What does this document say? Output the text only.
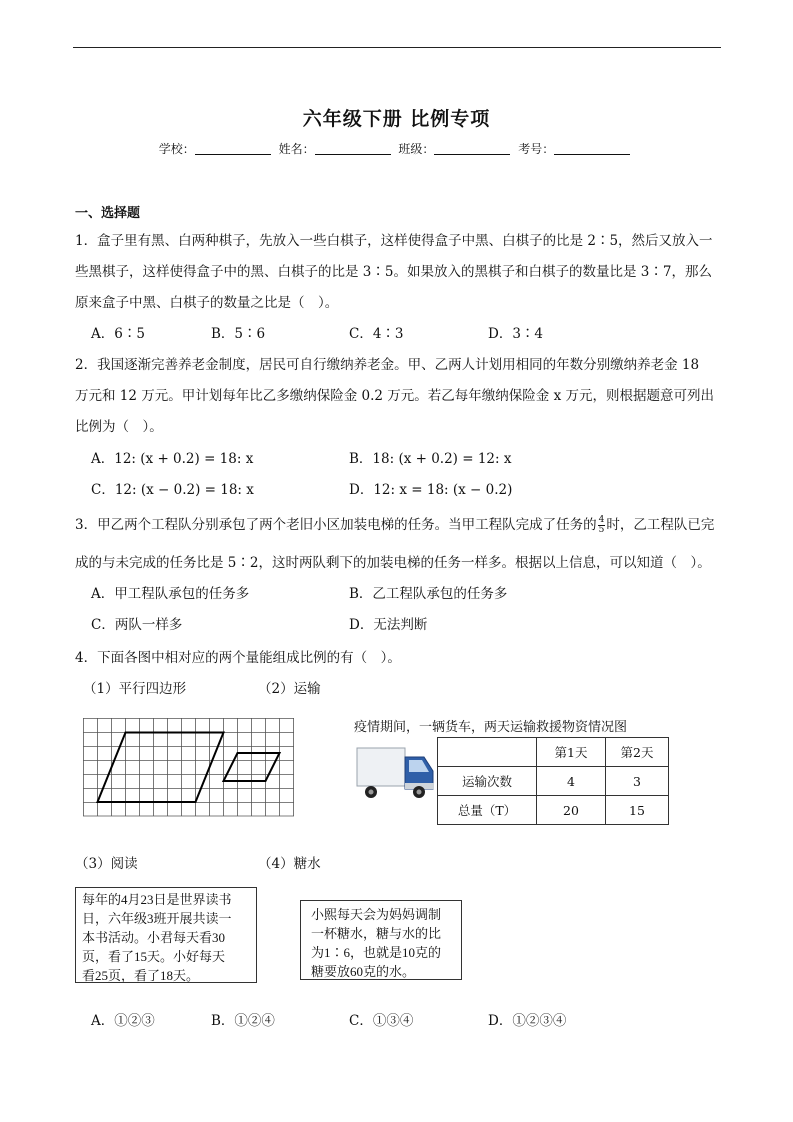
六年级下册 比例专项
学校：	姓名：	班级：	考号：
一、选择题
1．盒子里有黑、白两种棋子，先放入一些白棋子，这样使得盒子中黑、白棋子的比是 2∶5，然后又放入一
些黑棋子，这样使得盒子中的黑、白棋子的比是 3∶5。如果放入的黑棋子和白棋子的数量比是 3∶7，那么
原来盒子中黑、白棋子的数量之比是（　）。
A．6∶5	B．5∶6	C．4∶3	D．3∶4
2．我国逐渐完善养老金制度，居民可自行缴纳养老金。甲、乙两人计划用相同的年数分别缴纳养老金 18
万元和 12 万元。甲计划每年比乙多缴纳保险金 0.2 万元。若乙每年缴纳保险金 x 万元，则根据题意可列出
比例为（　）。
A．12: (x + 0.2) = 18: x	B．18: (x + 0.2) = 12: x
C．12: (x − 0.2) = 18: x	D．12: x = 18: (x − 0.2)
3．甲乙两个工程队分别承包了两个老旧小区加装电梯的任务。当甲工程队完成了任务的 $\frac{4}{5}$ 时，乙工程队已完
成的与未完成的任务比是 5∶2，这时两队剩下的加装电梯的任务一样多。根据以上信息，可以知道（　）。
A．甲工程队承包的任务多	B．乙工程队承包的任务多
C．两队一样多	D．无法判断
4．下面各图中相对应的两个量能组成比例的有（　）。
（1）平行四边形	（2）运输
疫情期间，一辆货车，两天运输救援物资情况图
	第1天	第2天
运输次数	4	3
总量（T）	20	15
（3）阅读	（4）糖水
每年的4月23日是世界读书
日，六年级3班开展共读一
本书活动。小君每天看30
页，看了15天。小好每天
看25页，看了18天。
小熙每天会为妈妈调制
一杯糖水，糖与水的比
为1∶6，也就是10克的
糖要放60克的水。
A．①②③	B．①②④	C．①③④	D．①②③④
